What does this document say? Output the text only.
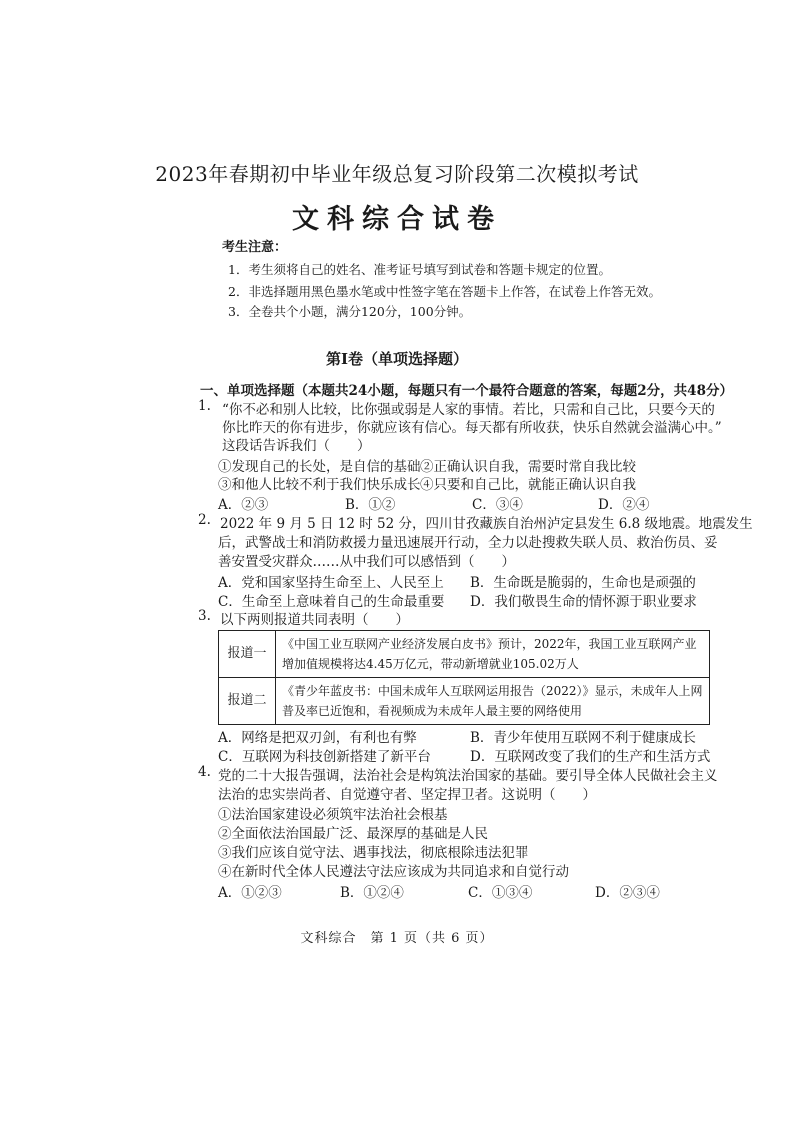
2023年春期初中毕业年级总复习阶段第二次模拟考试
文科综合试卷
考生注意：
1．考生须将自己的姓名、准考证号填写到试卷和答题卡规定的位置。
2．非选择题用黑色墨水笔或中性签字笔在答题卡上作答，在试卷上作答无效。
3．全卷共个小题，满分120分，100分钟。
第Ⅰ卷（单项选择题）
一、单项选择题（本题共24小题，每题只有一个最符合题意的答案，每题2分，共48分）
1. “你不必和别人比较，比你强或弱是人家的事情。若比，只需和自己比，只要今天的
你比昨天的你有进步，你就应该有信心。每天都有所收获，快乐自然就会溢满心中。”
这段话告诉我们（　　）
①发现自己的长处，是自信的基础 ②正确认识自我，需要时常自我比较
③和他人比较不利于我们快乐成长 ④只要和自己比，就能正确认识自我
A．②③	B．①②	C．③④	D．②④
2. 2022 年 9 月 5 日 12 时 52 分，四川甘孜藏族自治州泸定县发生 6.8 级地震。地震发生
后，武警战士和消防救援力量迅速展开行动，全力以赴搜救失联人员、救治伤员、妥
善安置受灾群众……从中我们可以感悟到（　　）
A．党和国家坚持生命至上、人民至上 B．生命既是脆弱的，生命也是顽强的
C．生命至上意味着自己的生命最重要 D．我们敬畏生命的情怀源于职业要求
3. 以下两则报道共同表明（　　）
报道一	《中国工业互联网产业经济发展白皮书》预计，2022年，我国工业互联网产业增加值规模将达4.45万亿元，带动新增就业105.02万人
报道二	《青少年蓝皮书：中国未成年人互联网运用报告（2022）》显示，未成年人上网普及率已近饱和，看视频成为未成年人最主要的网络使用
A．网络是把双刃剑，有利也有弊	B．青少年使用互联网不利于健康成长
C．互联网为科技创新搭建了新平台	D．互联网改变了我们的生产和生活方式
4. 党的二十大报告强调，法治社会是构筑法治国家的基础。要引导全体人民做社会主义
法治的忠实崇尚者、自觉遵守者、坚定捍卫者。这说明（　　）
①法治国家建设必须筑牢法治社会根基
②全面依法治国最广泛、最深厚的基础是人民
③我们应该自觉守法、遇事找法，彻底根除违法犯罪
④在新时代全体人民遵法守法应该成为共同追求和自觉行动
A．①②③	B．①②④	C．①③④	D．②③④
文科综合　第 1 页（共 6 页）
